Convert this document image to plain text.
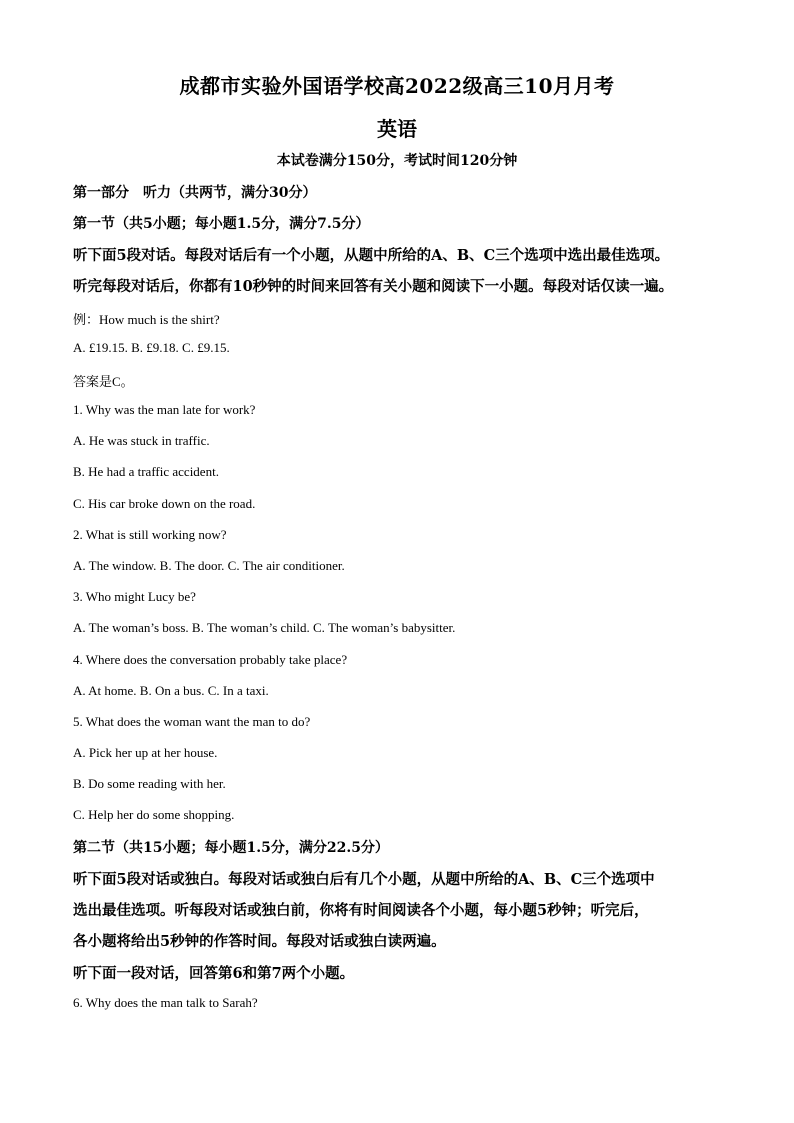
成都市实验外国语学校高2022级高三10月月考
英语
本试卷满分150分，考试时间120分钟
第一部分　听力（共两节，满分30分）
第一节（共5小题；每小题1.5分，满分7.5分）
听下面5段对话。每段对话后有一个小题，从题中所给的A、B、C三个选项中选出最佳选项。
听完每段对话后，你都有10秒钟的时间来回答有关小题和阅读下一小题。每段对话仅读一遍。
例：How much is the shirt?
A. £19.15. B. £9.18. C. £9.15.
答案是C。
1. Why was the man late for work?
A. He was stuck in traffic.
B. He had a traffic accident.
C. His car broke down on the road.
2. What is still working now?
A. The window. B. The door. C. The air conditioner.
3. Who might Lucy be?
A. The woman’s boss. B. The woman’s child. C. The woman’s babysitter.
4. Where does the conversation probably take place?
A. At home. B. On a bus. C. In a taxi.
5. What does the woman want the man to do?
A. Pick her up at her house.
B. Do some reading with her.
C. Help her do some shopping.
第二节（共15小题；每小题1.5分，满分22.5分）
听下面5段对话或独白。每段对话或独白后有几个小题，从题中所给的A、B、C三个选项中
选出最佳选项。听每段对话或独白前，你将有时间阅读各个小题，每小题5秒钟；听完后，
各小题将给出5秒钟的作答时间。每段对话或独白读两遍。
听下面一段对话，回答第6和第7两个小题。
6. Why does the man talk to Sarah?
